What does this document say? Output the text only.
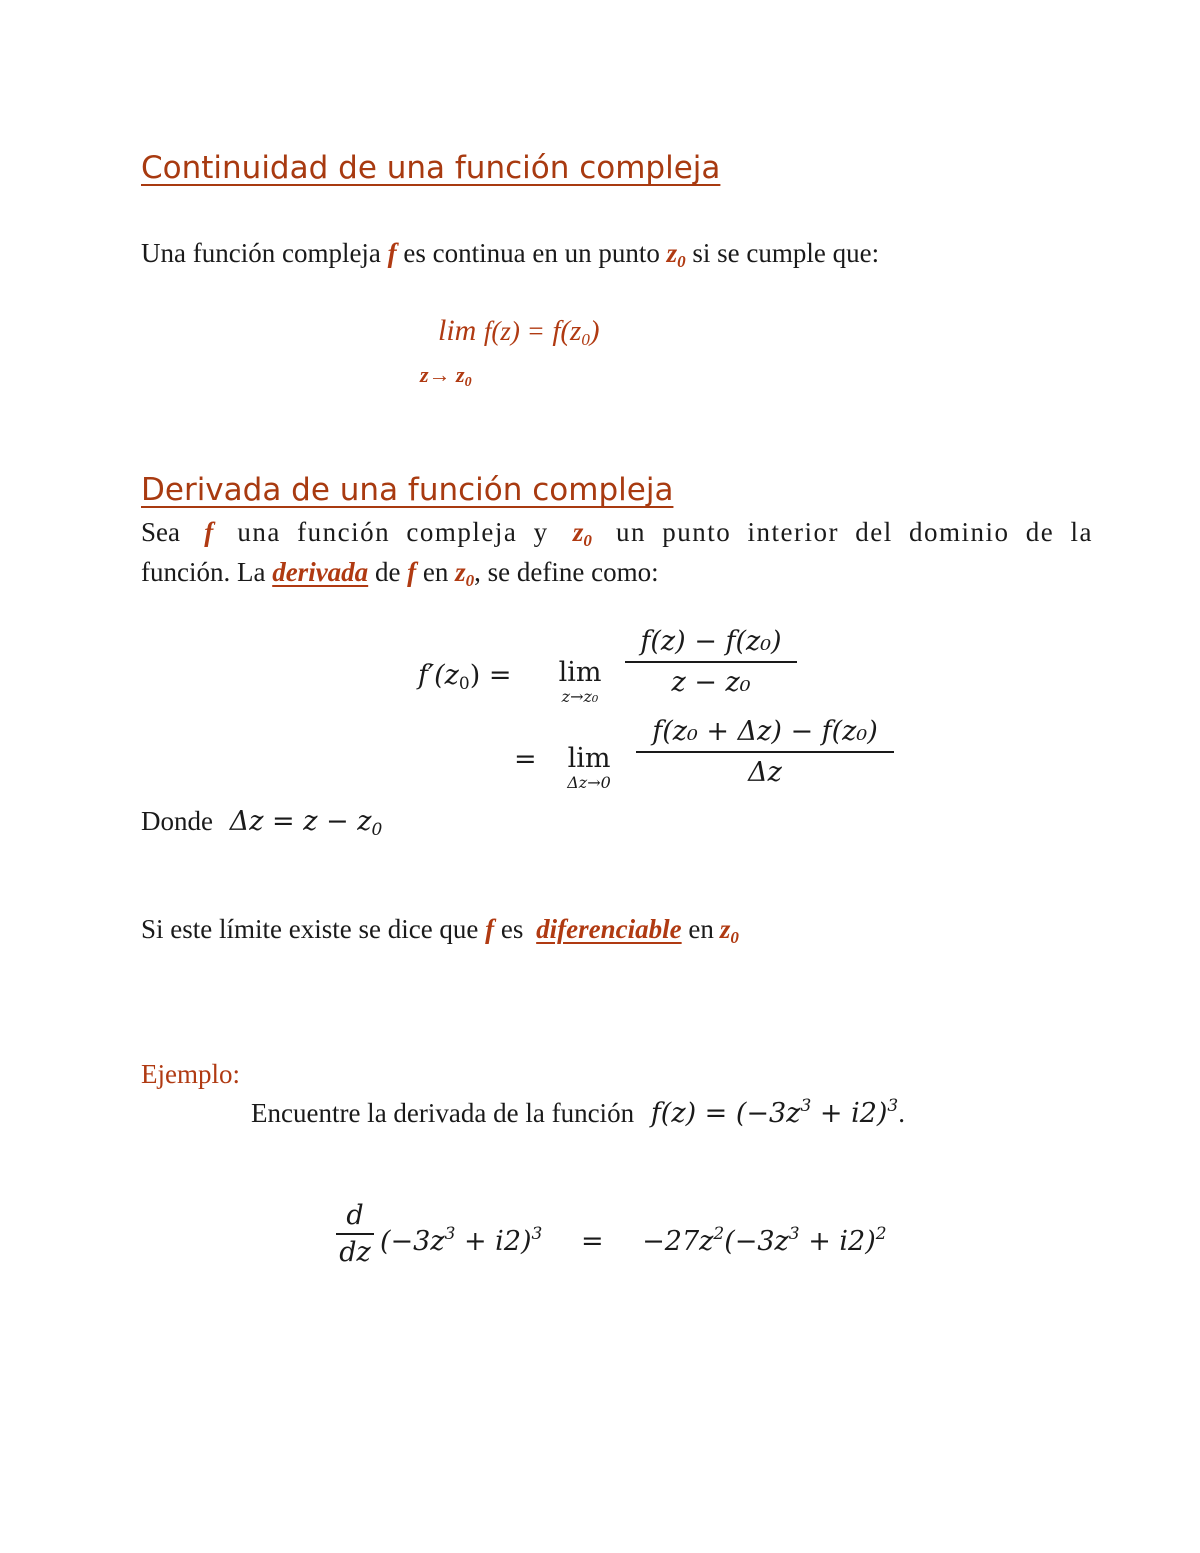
Continuidad de una función compleja
Una función compleja f es continua en un punto $z_0$ si se cumple que:
$\lim f(z) = f(z_0)$
$z\to z_0$
Derivada de una función compleja
Sea f una función compleja y $z_0$ un punto interior del dominio de la
función. La derivada de f en $z_0$, se define como:
$f'(z_0)$ =	lim
z→z₀
f(z) − f(z₀)
z − z₀
=	lim
Δz→0
f(z₀ + Δz) − f(z₀)
Δz
Donde $\Delta z = z - z_0$
Si este límite existe se dice que f es diferenciable en $z_0$
Ejemplo:
Encuentre la derivada de la función $f(z) = (-3z^3 + i2)^3$.
d
dz $(-3z^3 + i2)^3 = -27z^2(-3z^3 + i2)^2$
